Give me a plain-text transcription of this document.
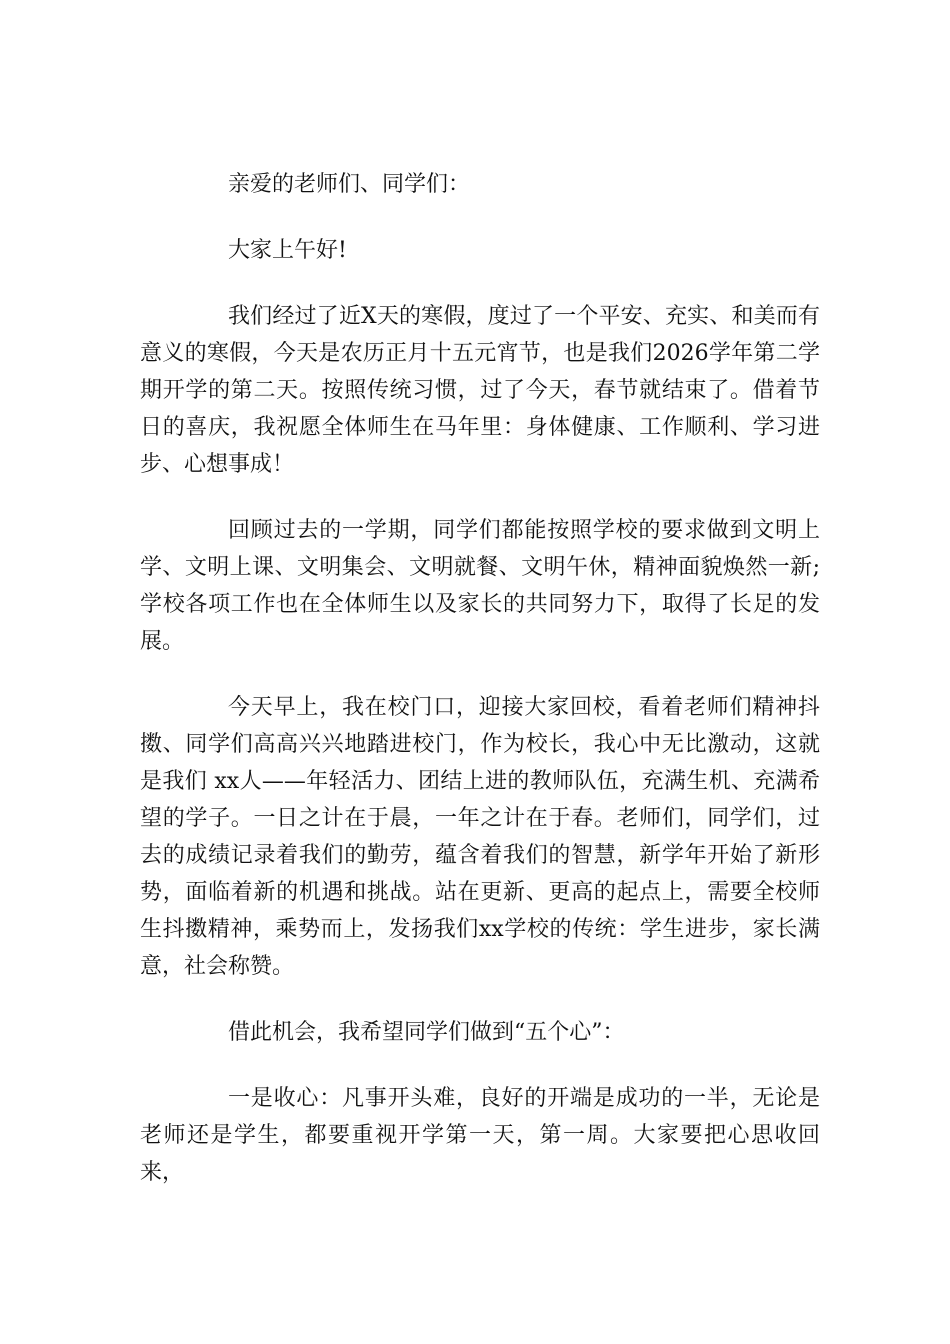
亲爱的老师们、同学们：

大家上午好!

我们经过了近X天的寒假，度过了一个平安、充实、和美而有意义的寒假，今天是农历正月十五元宵节，也是我们2026学年第二学期开学的第二天。按照传统习惯，过了今天，春节就结束了。借着节日的喜庆，我祝愿全体师生在马年里：身体健康、工作顺利、学习进步、心想事成！

回顾过去的一学期，同学们都能按照学校的要求做到文明上学、文明上课、文明集会、文明就餐、文明午休，精神面貌焕然一新;学校各项工作也在全体师生以及家长的共同努力下，取得了长足的发展。

今天早上，我在校门口，迎接大家回校，看着老师们精神抖擞、同学们高高兴兴地踏进校门，作为校长，我心中无比激动，这就是我们 xx人——年轻活力、团结上进的教师队伍，充满生机、充满希望的学子。一日之计在于晨，一年之计在于春。老师们，同学们，过去的成绩记录着我们的勤劳，蕴含着我们的智慧，新学年开始了新形势，面临着新的机遇和挑战。站在更新、更高的起点上，需要全校师生抖擞精神，乘势而上，发扬我们xx学校的传统：学生进步，家长满意，社会称赞。

借此机会，我希望同学们做到“五个心”：

一是收心：凡事开头难，良好的开端是成功的一半，无论是老师还是学生，都要重视开学第一天，第一周。大家要把心思收回来，
